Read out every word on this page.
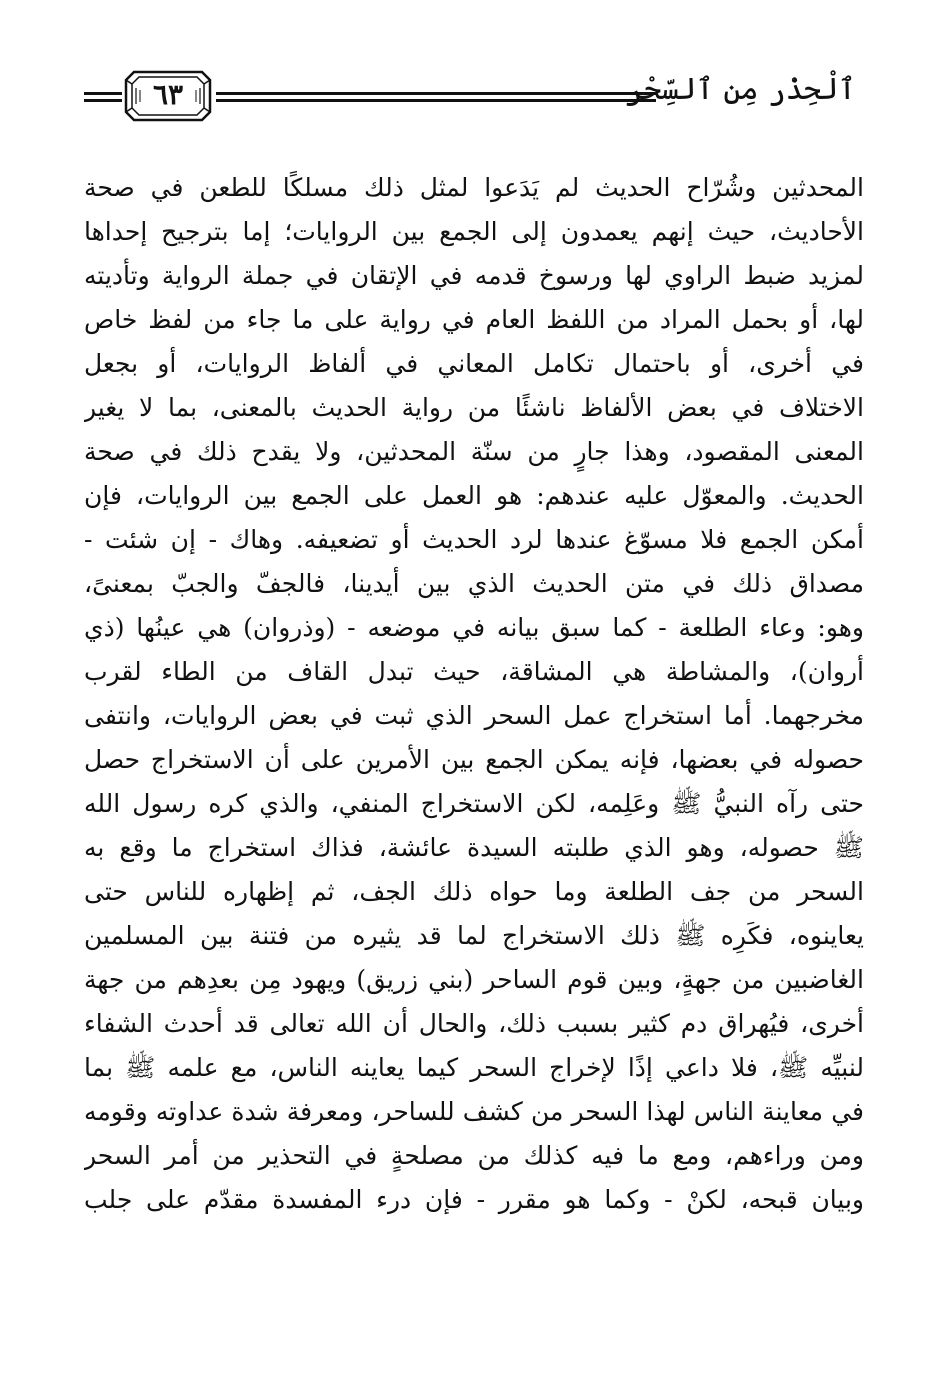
ٱلْحِذْر مِن ٱلسِّحْر
٦٣
المحدثين وشُرّاح الحديث لم يَدَعوا لمثل ذلك مسلكًا للطعن في صحة
الأحاديث، حيث إنهم يعمدون إلى الجمع بين الروايات؛ إما بترجيح إحداها
لمزيد ضبط الراوي لها ورسوخ قدمه في الإتقان في جملة الرواية وتأديته
لها، أو بحمل المراد من اللفظ العام في رواية على ما جاء من لفظ خاص
في أخرى، أو باحتمال تكامل المعاني في ألفاظ الروايات، أو بجعل
الاختلاف في بعض الألفاظ ناشئًا من رواية الحديث بالمعنى، بما لا يغير
المعنى المقصود، وهذا جارٍ من سنّة المحدثين، ولا يقدح ذلك في صحة
الحديث. والمعوّل عليه عندهم: هو العمل على الجمع بين الروايات، فإن
أمكن الجمع فلا مسوّغ عندها لرد الحديث أو تضعيفه. وهاك - إن شئت -
مصداق ذلك في متن الحديث الذي بين أيدينا، فالجفّ والجبّ بمعنىً،
وهو: وعاء الطلعة - كما سبق بيانه في موضعه - (وذروان) هي عينُها (ذي
أروان)، والمشاطة هي المشاقة، حيث تبدل القاف من الطاء لقرب
مخرجهما. أما استخراج عمل السحر الذي ثبت في بعض الروايات، وانتفى
حصوله في بعضها، فإنه يمكن الجمع بين الأمرين على أن الاستخراج حصل
حتى رآه النبيُّ ﷺ وعَلِمه، لكن الاستخراج المنفي، والذي كره رسول الله
ﷺ حصوله، وهو الذي طلبته السيدة عائشة، فذاك استخراج ما وقع به
السحر من جف الطلعة وما حواه ذلك الجف، ثم إظهاره للناس حتى
يعاينوه، فكَرِه ﷺ ذلك الاستخراج لما قد يثيره من فتنة بين المسلمين
الغاضبين من جهةٍ، وبين قوم الساحر (بني زريق) ويهود مِن بعدِهم من جهة
أخرى، فيُهراق دم كثير بسبب ذلك، والحال أن الله تعالى قد أحدث الشفاء
لنبيِّه ﷺ، فلا داعي إذًا لإخراج السحر كيما يعاينه الناس، مع علمه ﷺ بما
في معاينة الناس لهذا السحر من كشف للساحر، ومعرفة شدة عداوته وقومه
ومن وراءهم، ومع ما فيه كذلك من مصلحةٍ في التحذير من أمر السحر
وبيان قبحه، لكنْ - وكما هو مقرر - فإن درء المفسدة مقدّم على جلب
